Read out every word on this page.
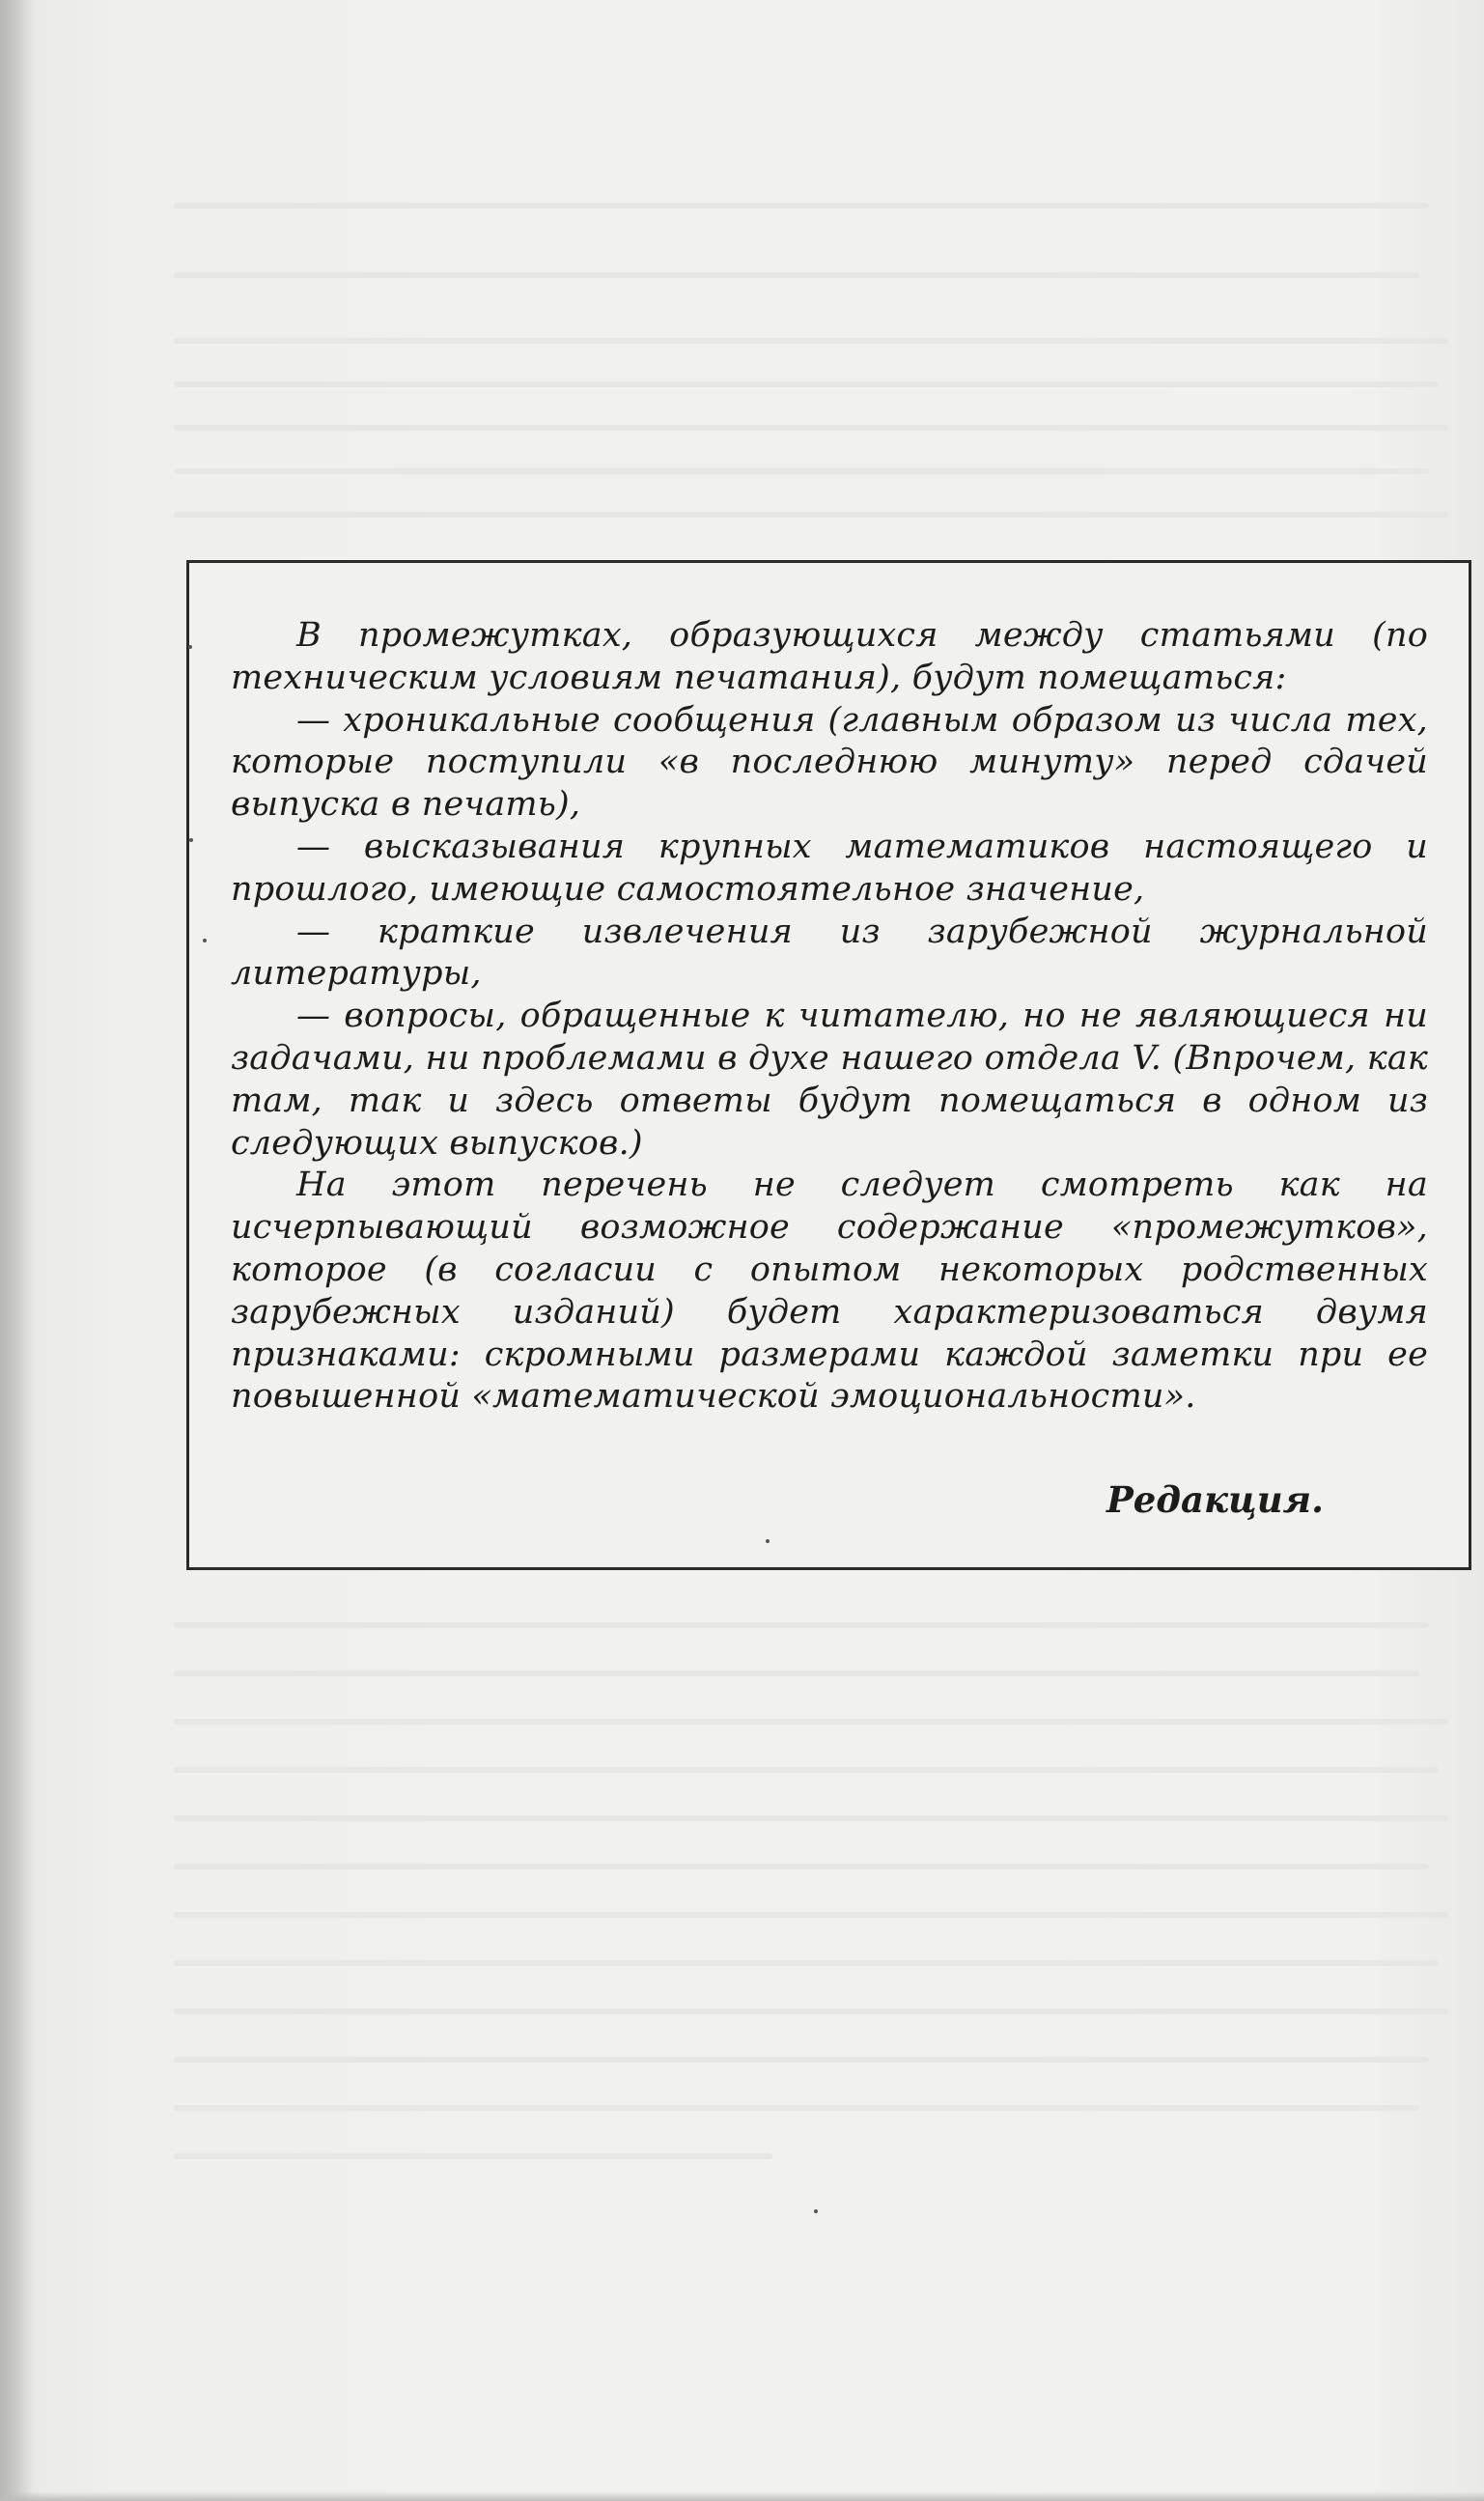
В промежутках, образующихся между статьями (по техническим условиям печатания), будут помещаться:

— хроникальные сообщения (главным образом из числа тех, которые поступили «в последнюю минуту» перед сдачей выпуска в печать),

— высказывания крупных математиков настоящего и прошлого, имеющие самостоятельное значение,

— краткие извлечения из зарубежной журнальной литературы,

— вопросы, обращенные к читателю, но не являющиеся ни задачами, ни проблемами в духе нашего отдела V. (Впрочем, как там, так и здесь ответы будут помещаться в одном из следующих выпусков.)

На этот перечень не следует смотреть как на исчерпывающий возможное содержание «промежутков», которое (в согласии с опытом некоторых родственных зарубежных изданий) будет характеризоваться двумя признаками: скромными размерами каждой заметки при ее повышенной «математической эмоциональности».

Редакция.
